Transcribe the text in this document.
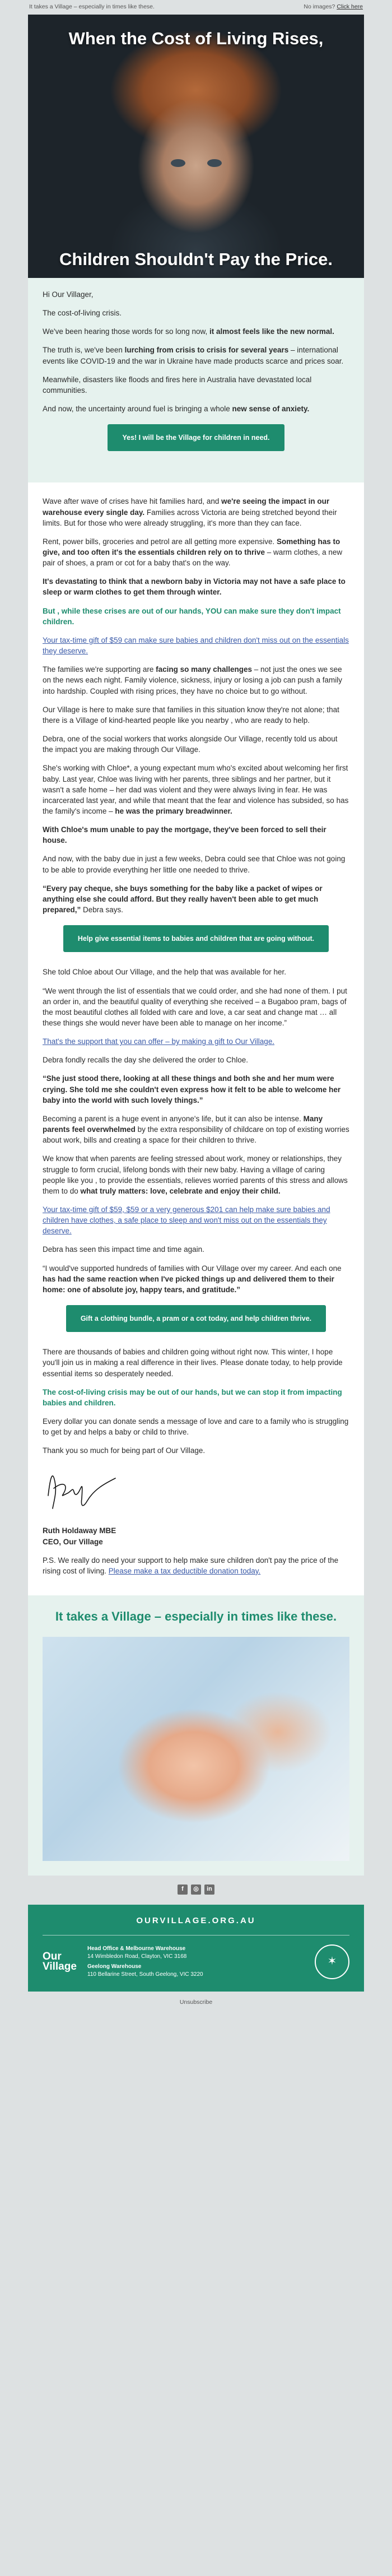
It takes a Village – especially in times like these.	No images? Click here
When the Cost of Living Rises,
Children Shouldn't Pay the Price.

Hi Our Villager,

The cost-of-living crisis.

We've been hearing those words for so long now, it almost feels like the new normal.

The truth is, we've been lurching from crisis to crisis for several years – international events like COVID-19 and the war in Ukraine have made products scarce and prices soar.

Meanwhile, disasters like floods and fires here in Australia have devastated local communities.

And now, the uncertainty around fuel is bringing a whole new sense of anxiety.

Yes! I will be the Village for children in need.

Wave after wave of crises have hit families hard, and we're seeing the impact in our warehouse every single day. Families across Victoria are being stretched beyond their limits. But for those who were already struggling, it's more than they can face.

Rent, power bills, groceries and petrol are all getting more expensive. Something has to give, and too often it's the essentials children rely on to thrive – warm clothes, a new pair of shoes, a pram or cot for a baby that's on the way.

It's devastating to think that a newborn baby in Victoria may not have a safe place to sleep or warm clothes to get them through winter.

But , while these crises are out of our hands, YOU can make sure they don't impact children.

Your tax-time gift of $59 can make sure babies and children don't miss out on the essentials they deserve.

The families we're supporting are facing so many challenges – not just the ones we see on the news each night. Family violence, sickness, injury or losing a job can push a family into hardship. Coupled with rising prices, they have no choice but to go without.

Our Village is here to make sure that families in this situation know they're not alone; that there is a Village of kind-hearted people like you nearby , who are ready to help.

Debra, one of the social workers that works alongside Our Village, recently told us about the impact you are making through Our Village.

She's working with Chloe*, a young expectant mum who's excited about welcoming her first baby. Last year, Chloe was living with her parents, three siblings and her partner, but it wasn't a safe home – her dad was violent and they were always living in fear. He was incarcerated last year, and while that meant that the fear and violence has subsided, so has the family's income – he was the primary breadwinner.

With Chloe's mum unable to pay the mortgage, they've been forced to sell their house.

And now, with the baby due in just a few weeks, Debra could see that Chloe was not going to be able to provide everything her little one needed to thrive.

“Every pay cheque, she buys something for the baby like a packet of wipes or anything else she could afford. But they really haven't been able to get much prepared,” Debra says.

Help give essential items to babies and children that are going without.

She told Chloe about Our Village, and the help that was available for her.

“We went through the list of essentials that we could order, and she had none of them. I put an order in, and the beautiful quality of everything she received – a Bugaboo pram, bags of the most beautiful clothes all folded with care and love, a car seat and change mat … all these things she would never have been able to manage on her income.”

That's the support that you can offer – by making a gift to Our Village.

Debra fondly recalls the day she delivered the order to Chloe.

“She just stood there, looking at all these things and both she and her mum were crying. She told me she couldn't even express how it felt to be able to welcome her baby into the world with such lovely things.”

Becoming a parent is a huge event in anyone's life, but it can also be intense. Many parents feel overwhelmed by the extra responsibility of childcare on top of existing worries about work, bills and creating a space for their children to thrive.

We know that when parents are feeling stressed about work, money or relationships, they struggle to form crucial, lifelong bonds with their new baby. Having a village of caring people like you , to provide the essentials, relieves worried parents of this stress and allows them to do what truly matters: love, celebrate and enjoy their child.

Your tax-time gift of $59, $59 or a very generous $201 can help make sure babies and children have clothes, a safe place to sleep and won't miss out on the essentials they deserve.

Debra has seen this impact time and time again.

“I would've supported hundreds of families with Our Village over my career. And each one has had the same reaction when I've picked things up and delivered them to their home: one of absolute joy, happy tears, and gratitude.”

Gift a clothing bundle, a pram or a cot today, and help children thrive.

There are thousands of babies and children going without right now. This winter, I hope you'll join us in making a real difference in their lives. Please donate today, to help provide essential items so desperately needed.

The cost-of-living crisis may be out of our hands, but we can stop it from impacting babies and children.

Every dollar you can donate sends a message of love and care to a family who is struggling to get by and helps a baby or child to thrive.

Thank you so much for being part of Our Village.

Ruth Holdaway MBE
CEO, Our Village

P.S. We really do need your support to help make sure children don't pay the price of the rising cost of living. Please make a tax deductible donation today.

It takes a Village – especially in times like these.
f	◎	in
OURVILLAGE.ORG.AU
Our
Village
Head Office & Melbourne Warehouse
14 Wimbledon Road, Clayton, VIC 3168
Geelong Warehouse
110 Bellarine Street, South Geelong, VIC 3220
✶
Unsubscribe
